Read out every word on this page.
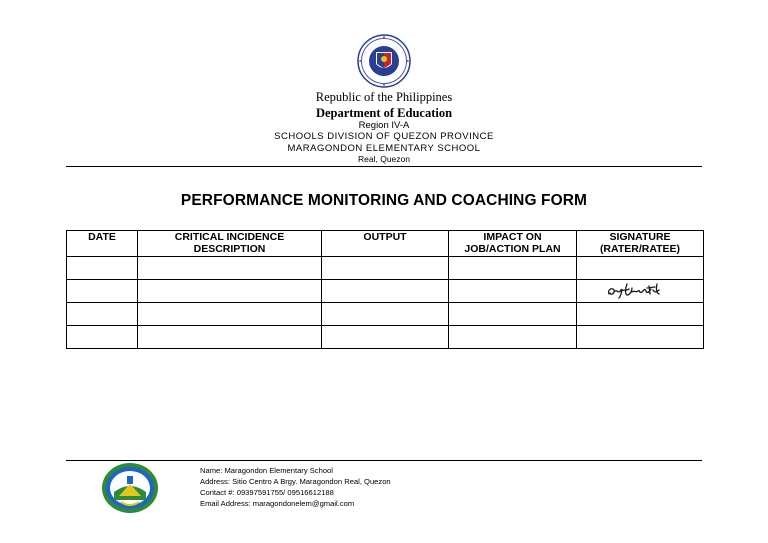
Republic of the Philippines
Department of Education
Region IV-A
SCHOOLS DIVISION OF QUEZON PROVINCE
MARAGONDON ELEMENTARY SCHOOL
Real, Quezon
PERFORMANCE MONITORING AND COACHING FORM
DATE	CRITICAL INCIDENCE DESCRIPTION	OUTPUT	IMPACT ON JOB/ACTION PLAN	SIGNATURE (RATER/RATEE)

Name: Maragondon Elementary School
Address: Sitio Centro A Brgy. Maragondon Real, Quezon
Contact #: 09397591755/ 09516612188
Email Address: maragondonelem@gmail.com
